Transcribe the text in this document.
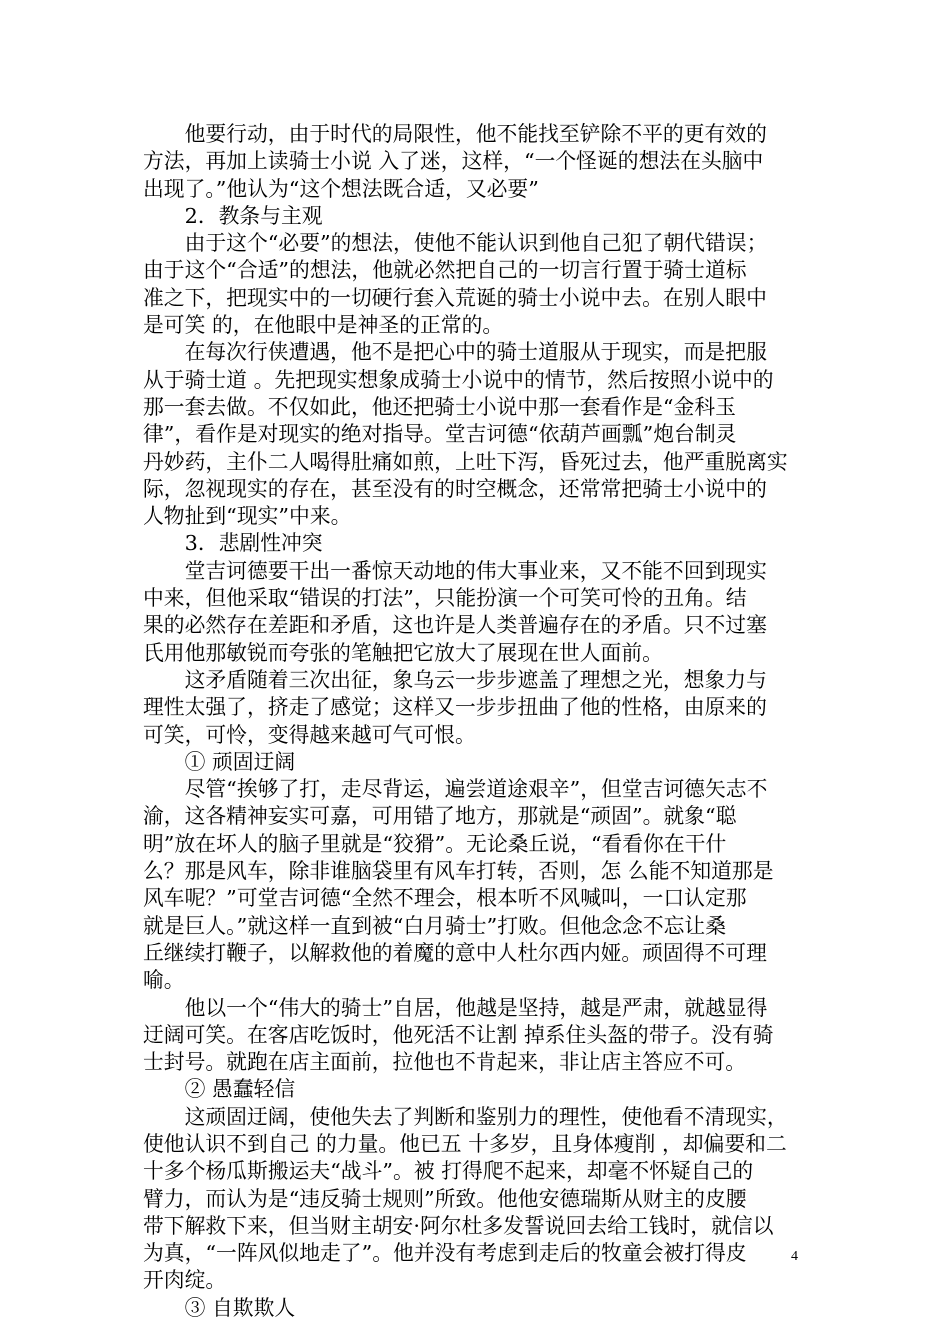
他要行动，由于时代的局限性，他不能找至铲除不平的更有效的
方法，再加上读骑士小说 入了迷，这样，“一个怪诞的想法在头脑中
出现了。”他认为“这个想法既合适，又必要”

2．教条与主观

由于这个“必要”的想法，使他不能认识到他自己犯了朝代错误；
由于这个“合适”的想法，他就必然把自己的一切言行置于骑士道标
准之下，把现实中的一切硬行套入荒诞的骑士小说中去。在别人眼中
是可笑 的，在他眼中是神圣的正常的。

在每次行侠遭遇，他不是把心中的骑士道服从于现实，而是把服
从于骑士道 。先把现实想象成骑士小说中的情节，然后按照小说中的
那一套去做。不仅如此，他还把骑士小说中那一套看作是“金科玉
律”，看作是对现实的绝对指导。堂吉诃德“依葫芦画瓢”炮台制灵
丹妙药，主仆二人喝得肚痛如煎，上吐下泻，昏死过去，他严重脱离实
际，忽视现实的存在，甚至没有的时空概念，还常常把骑士小说中的
人物扯到“现实”中来。

3．悲剧性冲突

堂吉诃德要干出一番惊天动地的伟大事业来，又不能不回到现实
中来，但他采取“错误的打法”，只能扮演一个可笑可怜的丑角。结
果的必然存在差距和矛盾，这也许是人类普遍存在的矛盾。只不过塞
氏用他那敏锐而夸张的笔触把它放大了展现在世人面前。

这矛盾随着三次出征，象乌云一步步遮盖了理想之光，想象力与
理性太强了，挤走了感觉；这样又一步步扭曲了他的性格，由原来的
可笑，可怜，变得越来越可气可恨。

① 顽固迂阔

尽管“挨够了打，走尽背运，遍尝道途艰辛”，但堂吉诃德矢志不
渝，这各精神妄实可嘉，可用错了地方，那就是“顽固”。就象“聪
明”放在坏人的脑子里就是“狡猾”。无论桑丘说，“看看你在干什
么？那是风车，除非谁脑袋里有风车打转，否则，怎 么能不知道那是
风车呢？”可堂吉诃德“全然不理会，根本听不风喊叫，一口认定那
就是巨人。”就这样一直到被“白月骑士”打败。但他念念不忘让桑
丘继续打鞭子，以解救他的着魔的意中人杜尔西内娅。顽固得不可理
喻。

他以一个“伟大的骑士”自居，他越是坚持，越是严肃，就越显得
迂阔可笑。在客店吃饭时，他死活不让割 掉系住头盔的带子。没有骑
士封号。就跑在店主面前，拉他也不肯起来，非让店主答应不可。

② 愚蠢轻信

这顽固迂阔，使他失去了判断和鉴别力的理性，使他看不清现实，
使他认识不到自己 的力量。他已五 十多岁，且身体瘦削 ，却偏要和二
十多个杨瓜斯搬运夫“战斗”。被 打得爬不起来，却毫不怀疑自己的
臂力，而认为是“违反骑士规则”所致。他他安德瑞斯从财主的皮腰
带下解救下来，但当财主胡安·阿尔杜多发誓说回去给工钱时，就信以
为真，“一阵风似地走了”。他并没有考虑到走后的牧童会被打得皮
开肉绽。

③ 自欺欺人

4
